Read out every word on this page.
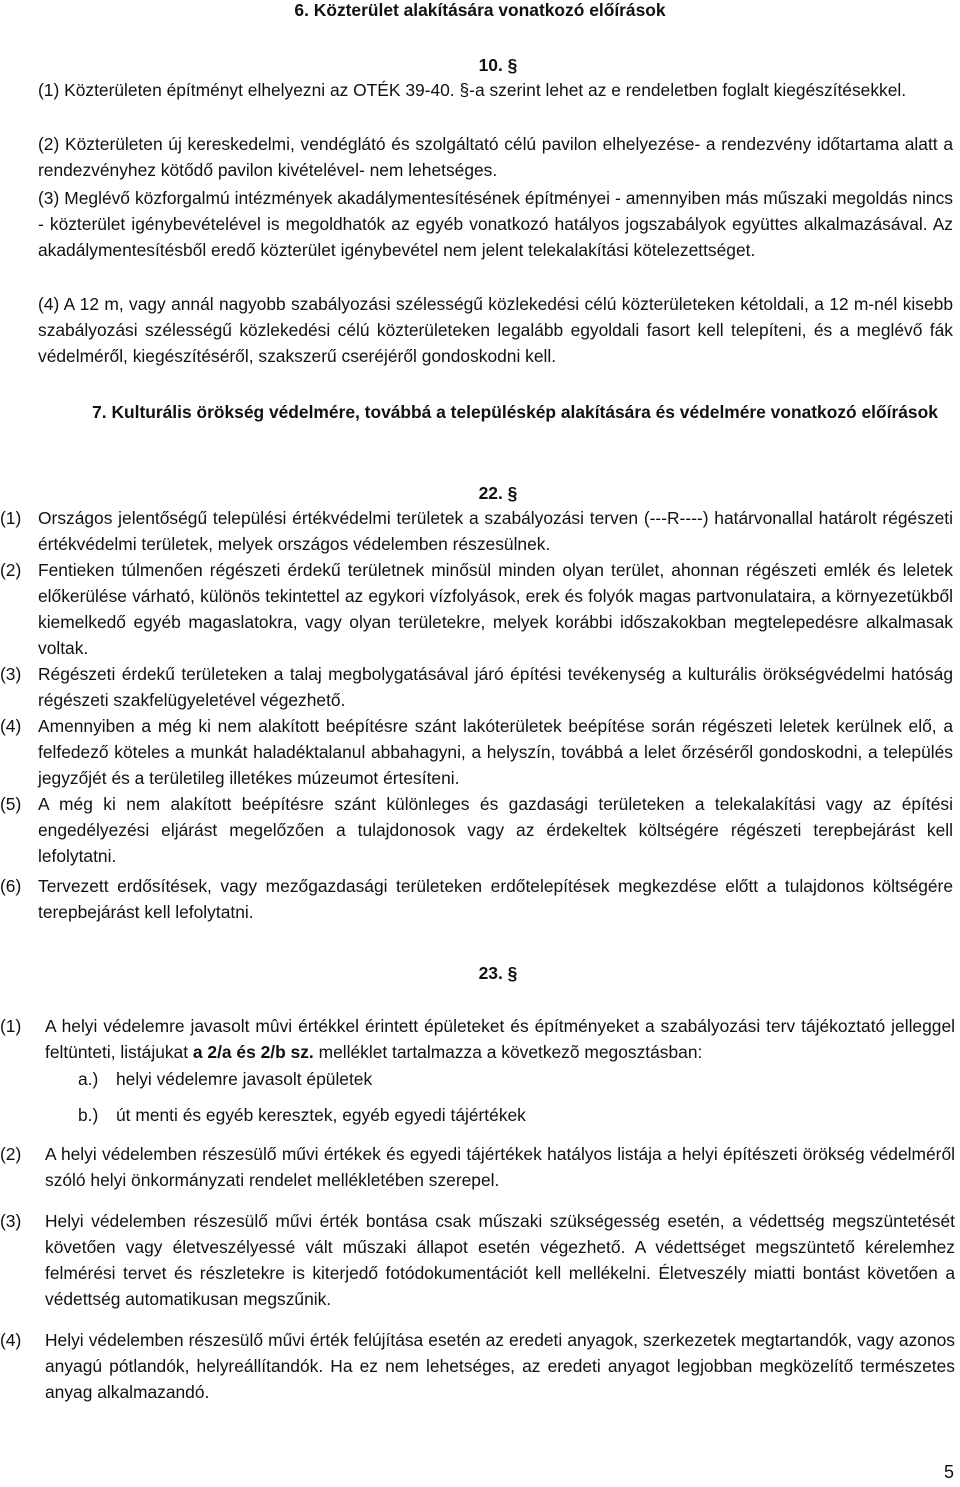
6. Közterület alakítására vonatkozó előírások

10. §

(1) Közterületen építményt elhelyezni az OTÉK 39-40. §-a szerint lehet az e rendeletben foglalt kiegészítésekkel.

(2) Közterületen új kereskedelmi, vendéglátó és szolgáltató célú pavilon elhelyezése- a rendezvény időtartama alatt a rendezvényhez kötődő pavilon kivételével- nem lehetséges.

(3) Meglévő közforgalmú intézmények akadálymentesítésének építményei - amennyiben más műszaki megoldás nincs - közterület igénybevételével is megoldhatók az egyéb vonatkozó hatályos jogszabályok együttes alkalmazásával. Az akadálymentesítésből eredő közterület igénybevétel nem jelent telekalakítási kötelezettséget.

(4) A 12 m, vagy annál nagyobb szabályozási szélességű közlekedési célú közterületeken kétoldali, a 12 m-nél kisebb szabályozási szélességű közlekedési célú közterületeken legalább egyoldali fasort kell telepíteni, és a meglévő fák védelméről, kiegészítéséről, szakszerű cseréjéről gondoskodni kell.

7. Kulturális örökség védelmére, továbbá a településkép alakítására és védelmére vonatkozó előírások

22. §
(1) Országos jelentőségű települési értékvédelmi területek a szabályozási terven (---R----) határvonallal határolt régészeti értékvédelmi területek, melyek országos védelemben részesülnek.
(2) Fentieken túlmenően régészeti érdekű területnek minősül minden olyan terület, ahonnan régészeti emlék és leletek előkerülése várható, különös tekintettel az egykori vízfolyások, erek és folyók magas partvonulataira, a környezetükből kiemelkedő egyéb magaslatokra, vagy olyan területekre, melyek korábbi időszakokban megtelepedésre alkalmasak voltak.
(3) Régészeti érdekű területeken a talaj megbolygatásával járó építési tevékenység a kulturális örökségvédelmi hatóság régészeti szakfelügyeletével végezhető.
(4) Amennyiben a még ki nem alakított beépítésre szánt lakóterületek beépítése során régészeti leletek kerülnek elő, a felfedező köteles a munkát haladéktalanul abbahagyni, a helyszín, továbbá a lelet őrzéséről gondoskodni, a település jegyzőjét és a területileg illetékes múzeumot értesíteni.
(5) A még ki nem alakított beépítésre szánt különleges és gazdasági területeken a telekalakítási vagy az építési engedélyezési eljárást megelőzően a tulajdonosok vagy az érdekeltek költségére régészeti terepbejárást kell lefolytatni.
(6) Tervezett erdősítések, vagy mezőgazdasági területeken erdőtelepítések megkezdése előtt a tulajdonos költségére terepbejárást kell lefolytatni.
23. §
(1) A helyi védelemre javasolt mûvi értékkel érintett épületeket és építményeket a szabályozási terv tájékoztató jelleggel feltünteti, listájukat a 2/a és 2/b sz. melléklet tartalmazza a következõ megosztásban:

a.) helyi védelemre javasolt épületek

b.) út menti és egyéb keresztek, egyéb egyedi tájértékek

(2) A helyi védelemben részesülő művi értékek és egyedi tájértékek hatályos listája a helyi építészeti örökség védelméről szóló helyi önkormányzati rendelet mellékletében szerepel.
(3) Helyi védelemben részesülő művi érték bontása csak műszaki szükségesség esetén, a védettség megszüntetését követően vagy életveszélyessé vált műszaki állapot esetén végezhető. A védettséget megszüntető kérelemhez felmérési tervet és részletekre is kiterjedő fotódokumentációt kell mellékelni. Életveszély miatti bontást követően a védettség automatikusan megszűnik.
(4) Helyi védelemben részesülő művi érték felújítása esetén az eredeti anyagok, szerkezetek megtartandók, vagy azonos anyagú pótlandók, helyreállítandók. Ha ez nem lehetséges, az eredeti anyagot legjobban megközelítő természetes anyag alkalmazandó.
5
